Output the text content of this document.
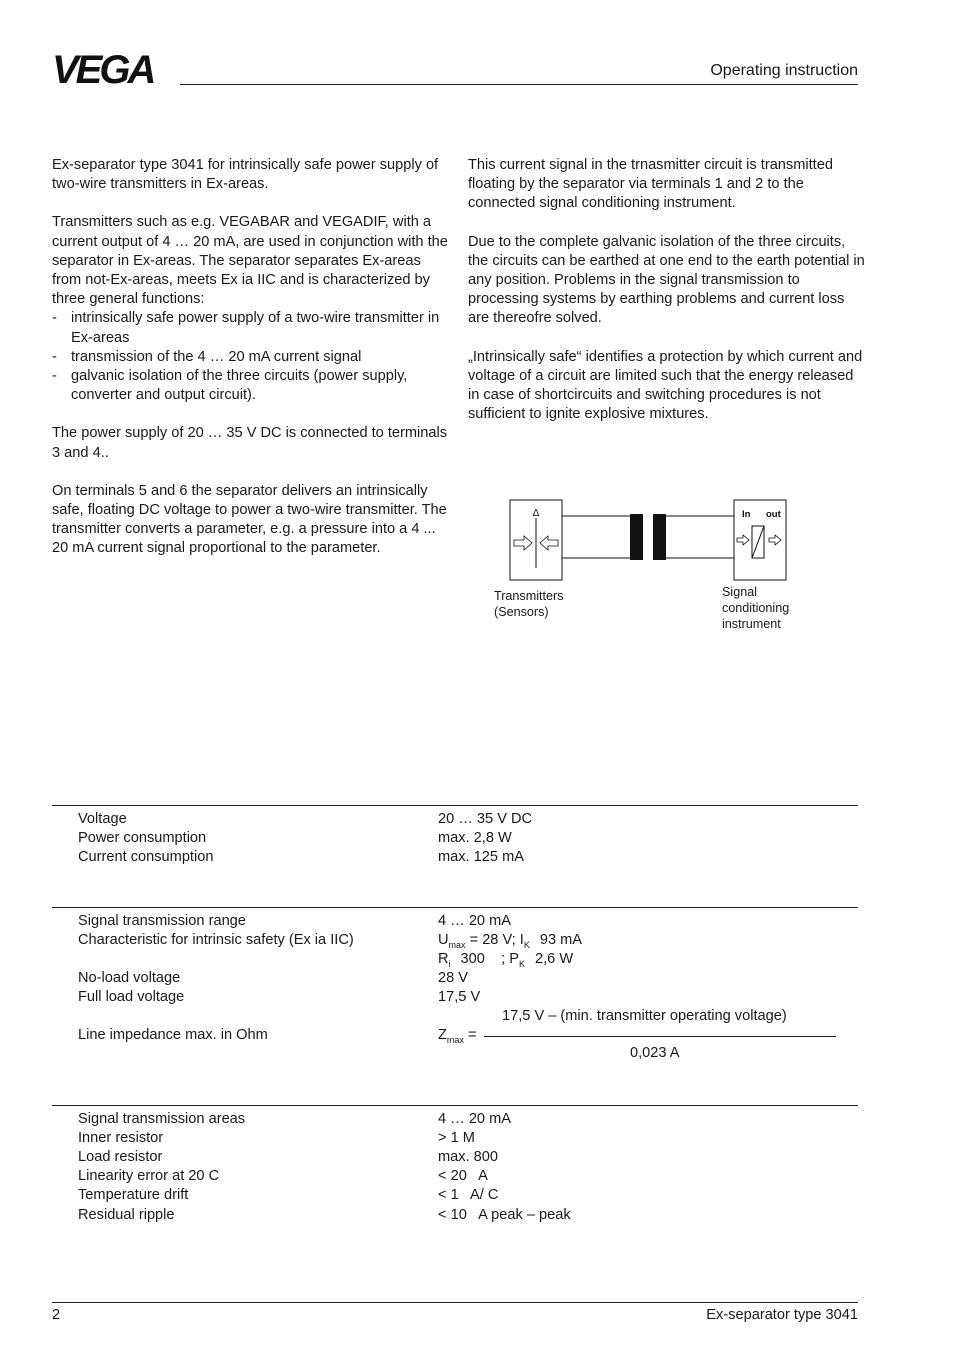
VEGA	Operating instruction

Ex-separator type 3041 for intrinsically safe power supply of two-wire transmitters in Ex-areas.

Transmitters such as e.g. VEGABAR and VEGADIF, with a current output of 4 … 20 mA, are used in conjunction with the separator in Ex-areas. The separator separates Ex-areas from not-Ex-areas, meets Ex ia IIC and is characterized by three general functions:

- intrinsically safe power supply of a two-wire transmitter in Ex-areas
- transmission of the 4 … 20 mA current signal
- galvanic isolation of the three circuits (power supply, converter and output circuit).

The power supply of 20 … 35 V DC is connected to terminals 3 and 4..

On terminals 5 and 6 the separator delivers an intrinsically safe, floating DC voltage to power a two-wire transmitter. The transmitter converts a parameter, e.g. a pressure into a 4 ... 20 mA current signal proportional to the parameter.

This current signal in the trnasmitter circuit is transmitted floating by the separator via terminals 1 and 2 to the connected signal conditioning instrument.

Due to the complete galvanic isolation of the three circuits, the circuits can be earthed at one end to the earth potential in any position. Problems in the signal transmission to processing systems by earthing problems and current loss are thereofre solved.

„Intrinsically safe“ identifies a protection by which current and voltage of a circuit are limited such that the energy released in case of shortcircuits and switching procedures is not sufficient to ignite explosive mixtures.

Δ	In out
Transmitters
(Sensors)
Signal
conditioning
instrument
Voltage	20 … 35 V DC
Power consumption	max. 2,8 W
Current consumption	max. 125 mA
Signal transmission range	4 … 20 mA
Characteristic for intrinsic safety (Ex ia IIC)	$U_{max} = 28$ V; $I_K$ 93 mA
$R_i$ 300    ; $P_K$ 2,6 W
No-load voltage	28 V
Full load voltage	17,5 V
17,5 V – (min. transmitter operating voltage)
Line impedance max. in Ohm	$Z_{max}$ =
0,023 A
Signal transmission areas	4 … 20 mA
Inner resistor	> 1 M
Load resistor	max. 800
Linearity error at 20 C	< 20   A
Temperature drift	< 1   A/ C
Residual ripple	< 10   A peak – peak
2	Ex-separator type 3041
